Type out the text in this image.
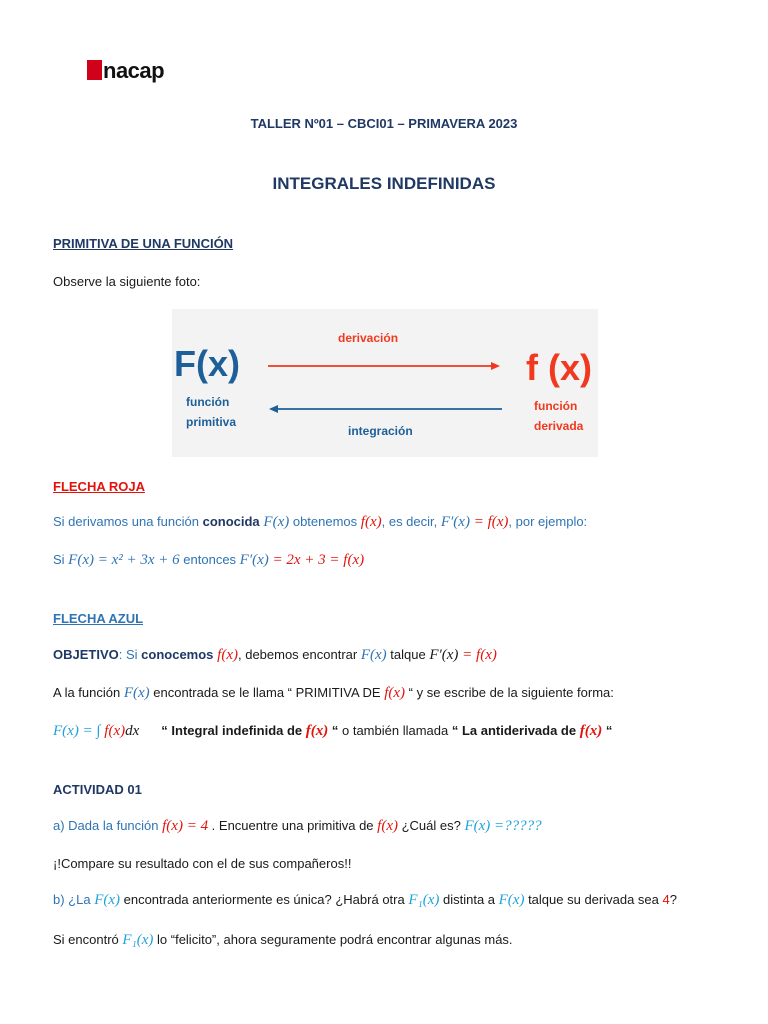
nacap
TALLER Nº01 – CBCI01 – PRIMAVERA 2023
INTEGRALES INDEFINIDAS
PRIMITIVA DE UNA FUNCIÓN
Observe la siguiente foto:
F(x)
función
primitiva
derivación
integración
f (x)
función
derivada
FLECHA ROJA
Si derivamos una función conocida F(x) obtenemos f(x), es decir, F′(x) = f(x), por ejemplo:
Si F(x) = x² + 3x + 6 entonces F′(x) = 2x + 3 = f(x)
FLECHA AZUL
OBJETIVO: Si conocemos f(x), debemos encontrar F(x) talque F′(x) = f(x)
A la función F(x) encontrada se le llama “ PRIMITIVA DE f(x) “ y se escribe de la siguiente forma:
F(x) = ∫ f(x)dx “ Integral indefinida de f(x) “ o también llamada “ La antiderivada de f(x) “
ACTIVIDAD 01
a) Dada la función f(x) = 4 . Encuentre una primitiva de f(x) ¿Cuál es? F(x) =?????
¡!Compare su resultado con el de sus compañeros!!
b) ¿La F(x) encontrada anteriormente es única? ¿Habrá otra F₁(x) distinta a F(x) talque su derivada sea 4?
Si encontró F₁(x) lo “felicito”, ahora seguramente podrá encontrar algunas más.
